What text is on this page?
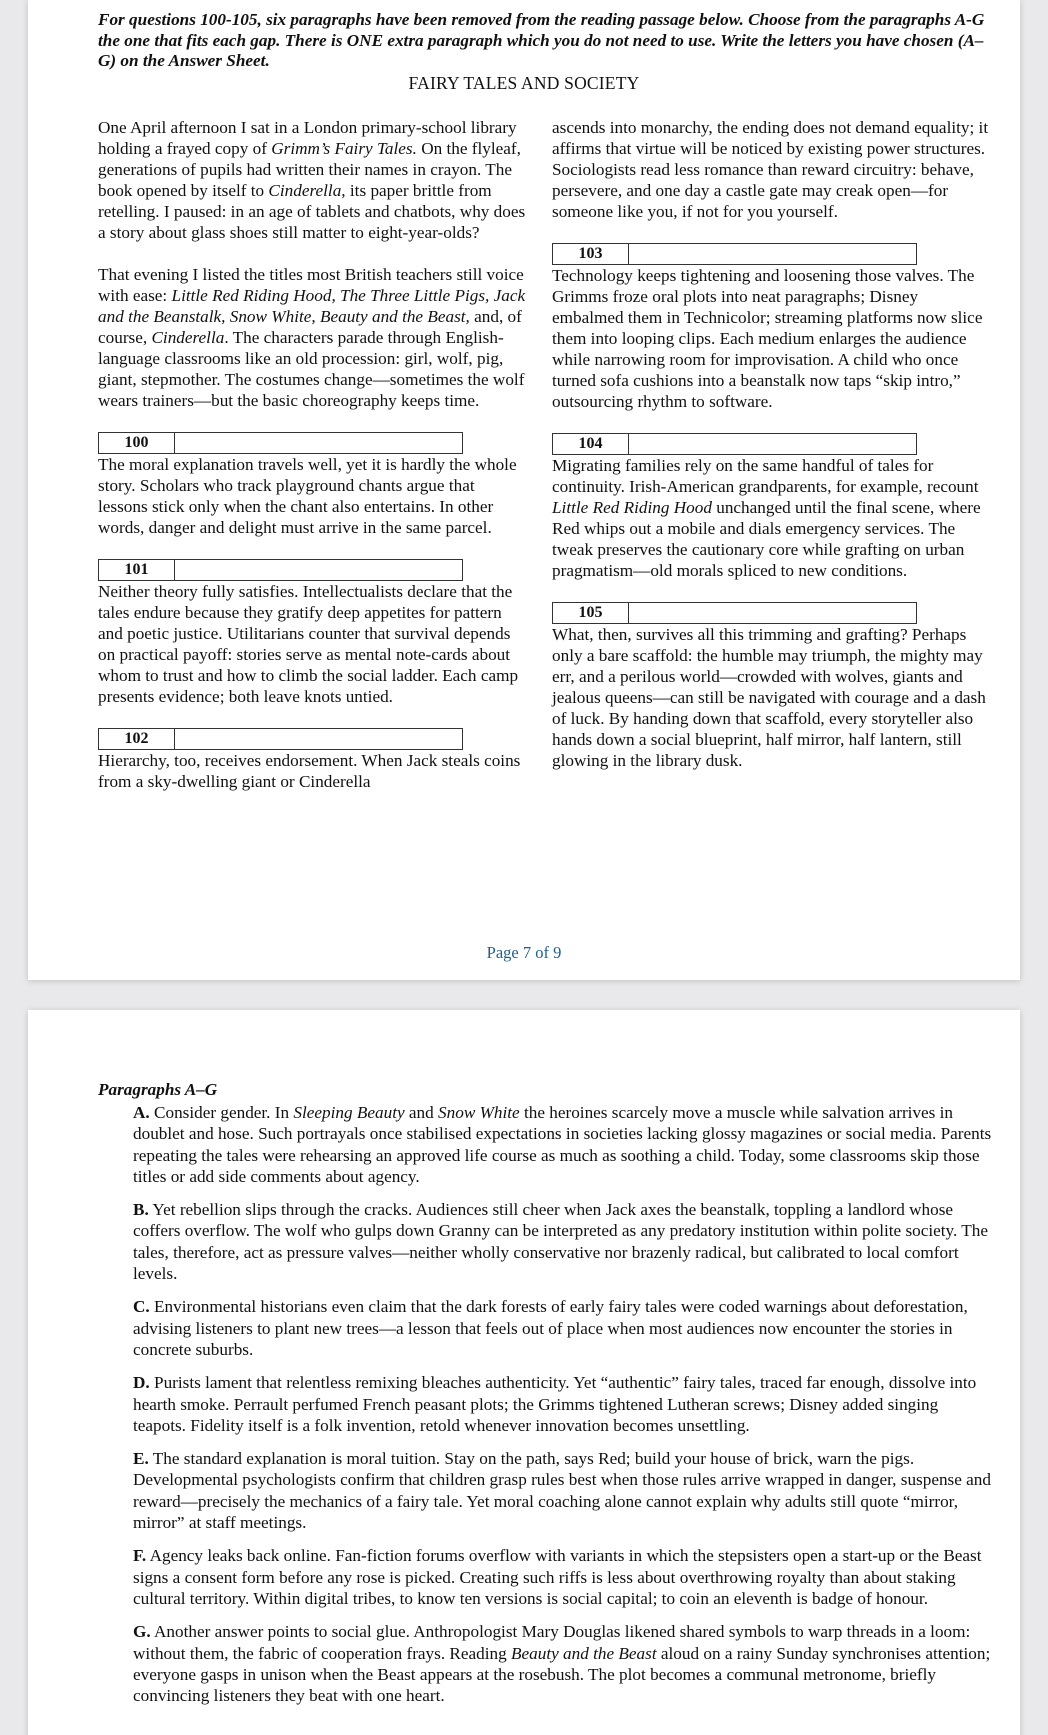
For questions 100-105, six paragraphs have been removed from the reading passage below. Choose from the paragraphs A-G the one that fits each gap. There is ONE extra paragraph which you do not need to use. Write the letters you have chosen (A–G) on the Answer Sheet.
FAIRY TALES AND SOCIETY

One April afternoon I sat in a London primary-school library holding a frayed copy of Grimm’s Fairy Tales. On the flyleaf, generations of pupils had written their names in crayon. The book opened by itself to Cinderella, its paper brittle from retelling. I paused: in an age of tablets and chatbots, why does a story about glass shoes still matter to eight-year-olds?

That evening I listed the titles most British teachers still voice with ease: Little Red Riding Hood, The Three Little Pigs, Jack and the Beanstalk, Snow White, Beauty and the Beast, and, of course, Cinderella. The characters parade through English-language classrooms like an old procession: girl, wolf, pig, giant, stepmother. The costumes change—sometimes the wolf wears trainers—but the basic choreography keeps time.

100

The moral explanation travels well, yet it is hardly the whole story. Scholars who track playground chants argue that lessons stick only when the chant also entertains. In other words, danger and delight must arrive in the same parcel.

101

Neither theory fully satisfies. Intellectualists declare that the tales endure because they gratify deep appetites for pattern and poetic justice. Utilitarians counter that survival depends on practical payoff: stories serve as mental note-cards about whom to trust and how to climb the social ladder. Each camp presents evidence; both leave knots untied.

102

Hierarchy, too, receives endorsement. When Jack steals coins from a sky-dwelling giant or Cinderella

ascends into monarchy, the ending does not demand equality; it affirms that virtue will be noticed by existing power structures. Sociologists read less romance than reward circuitry: behave, persevere, and one day a castle gate may creak open—for someone like you, if not for you yourself.

103

Technology keeps tightening and loosening those valves. The Grimms froze oral plots into neat paragraphs; Disney embalmed them in Technicolor; streaming platforms now slice them into looping clips. Each medium enlarges the audience while narrowing room for improvisation. A child who once turned sofa cushions into a beanstalk now taps “skip intro,” outsourcing rhythm to software.

104

Migrating families rely on the same handful of tales for continuity. Irish-American grandparents, for example, recount Little Red Riding Hood unchanged until the final scene, where Red whips out a mobile and dials emergency services. The tweak preserves the cautionary core while grafting on urban pragmatism—old morals spliced to new conditions.

105

What, then, survives all this trimming and grafting? Perhaps only a bare scaffold: the humble may triumph, the mighty may err, and a perilous world—crowded with wolves, giants and jealous queens—can still be navigated with courage and a dash of luck. By handing down that scaffold, every storyteller also hands down a social blueprint, half mirror, half lantern, still glowing in the library dusk.

Page 7 of 9
Paragraphs A–G
A. Consider gender. In Sleeping Beauty and Snow White the heroines scarcely move a muscle while salvation arrives in doublet and hose. Such portrayals once stabilised expectations in societies lacking glossy magazines or social media. Parents repeating the tales were rehearsing an approved life course as much as soothing a child. Today, some classrooms skip those titles or add side comments about agency.
B. Yet rebellion slips through the cracks. Audiences still cheer when Jack axes the beanstalk, toppling a landlord whose coffers overflow. The wolf who gulps down Granny can be interpreted as any predatory institution within polite society. The tales, therefore, act as pressure valves—neither wholly conservative nor brazenly radical, but calibrated to local comfort levels.
C. Environmental historians even claim that the dark forests of early fairy tales were coded warnings about deforestation, advising listeners to plant new trees—a lesson that feels out of place when most audiences now encounter the stories in concrete suburbs.
D. Purists lament that relentless remixing bleaches authenticity. Yet “authentic” fairy tales, traced far enough, dissolve into hearth smoke. Perrault perfumed French peasant plots; the Grimms tightened Lutheran screws; Disney added singing teapots. Fidelity itself is a folk invention, retold whenever innovation becomes unsettling.
E. The standard explanation is moral tuition. Stay on the path, says Red; build your house of brick, warn the pigs. Developmental psychologists confirm that children grasp rules best when those rules arrive wrapped in danger, suspense and reward—precisely the mechanics of a fairy tale. Yet moral coaching alone cannot explain why adults still quote “mirror, mirror” at staff meetings.
F. Agency leaks back online. Fan-fiction forums overflow with variants in which the stepsisters open a start-up or the Beast signs a consent form before any rose is picked. Creating such riffs is less about overthrowing royalty than about staking cultural territory. Within digital tribes, to know ten versions is social capital; to coin an eleventh is badge of honour.
G. Another answer points to social glue. Anthropologist Mary Douglas likened shared symbols to warp threads in a loom: without them, the fabric of cooperation frays. Reading Beauty and the Beast aloud on a rainy Sunday synchronises attention; everyone gasps in unison when the Beast appears at the rosebush. The plot becomes a communal metronome, briefly convincing listeners they beat with one heart.
